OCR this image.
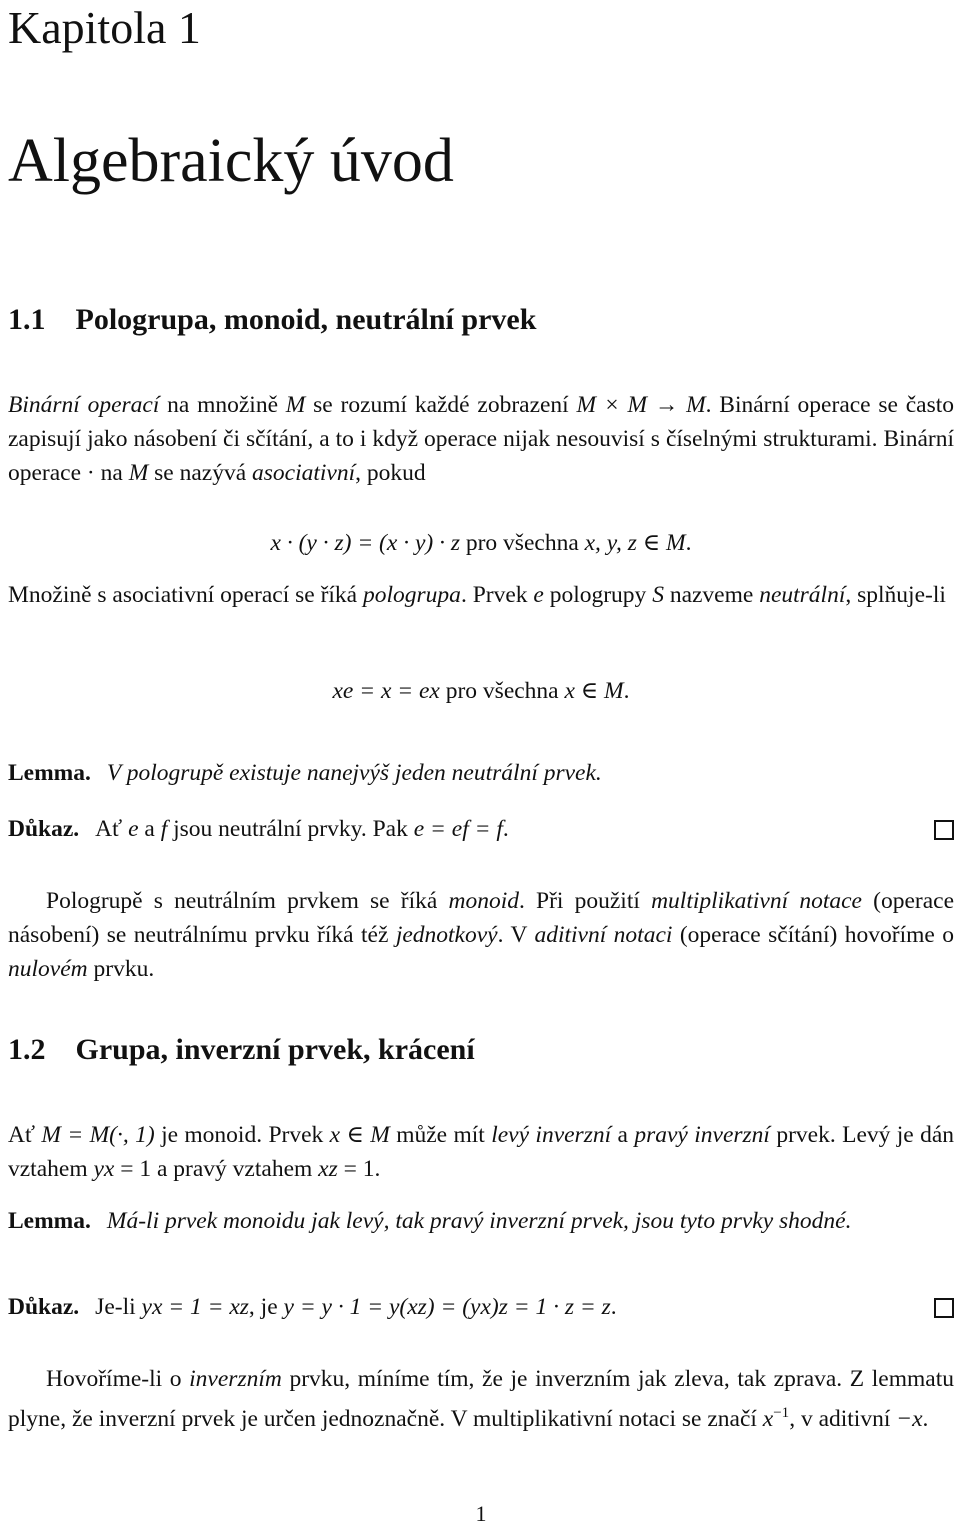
Kapitola 1
Algebraický úvod
1.1 Pologrupa, monoid, neutrální prvek

Binární operací na množině M se rozumí každé zobrazení M × M → M. Binární operace se často zapisují jako násobení či sčítání, a to i když operace nijak nesouvisí s číselnými strukturami. Binární operace · na M se nazývá asociativní, pokud

x · (y · z) = (x · y) · z pro všechna x, y, z ∈ M.

Množině s asociativní operací se říká pologrupa. Prvek e pologrupy S nazveme neutrální, splňuje-li

xe = x = ex pro všechna x ∈ M.

Lemma. V pologrupě existuje nanejvýš jeden neutrální prvek.

Důkaz. Ať e a f jsou neutrální prvky. Pak e = ef = f.

Pologrupě s neutrálním prvkem se říká monoid. Při použití multiplikativní notace (operace násobení) se neutrálnímu prvku říká též jednotkový. V aditivní notaci (operace sčítání) hovoříme o nulovém prvku.

1.2 Grupa, inverzní prvek, krácení

Ať M = M(·, 1) je monoid. Prvek x ∈ M může mít levý inverzní a pravý inverzní prvek. Levý je dán vztahem yx = 1 a pravý vztahem xz = 1.

Lemma. Má-li prvek monoidu jak levý, tak pravý inverzní prvek, jsou tyto prvky shodné.

Důkaz. Je-li yx = 1 = xz, je y = y · 1 = y(xz) = (yx)z = 1 · z = z.

Hovoříme-li o inverzním prvku, míníme tím, že je inverzním jak zleva, tak zprava. Z lemmatu plyne, že inverzní prvek je určen jednoznačně. V multiplikativní notaci se značí $x^{-1}$, v aditivní −x.

1
